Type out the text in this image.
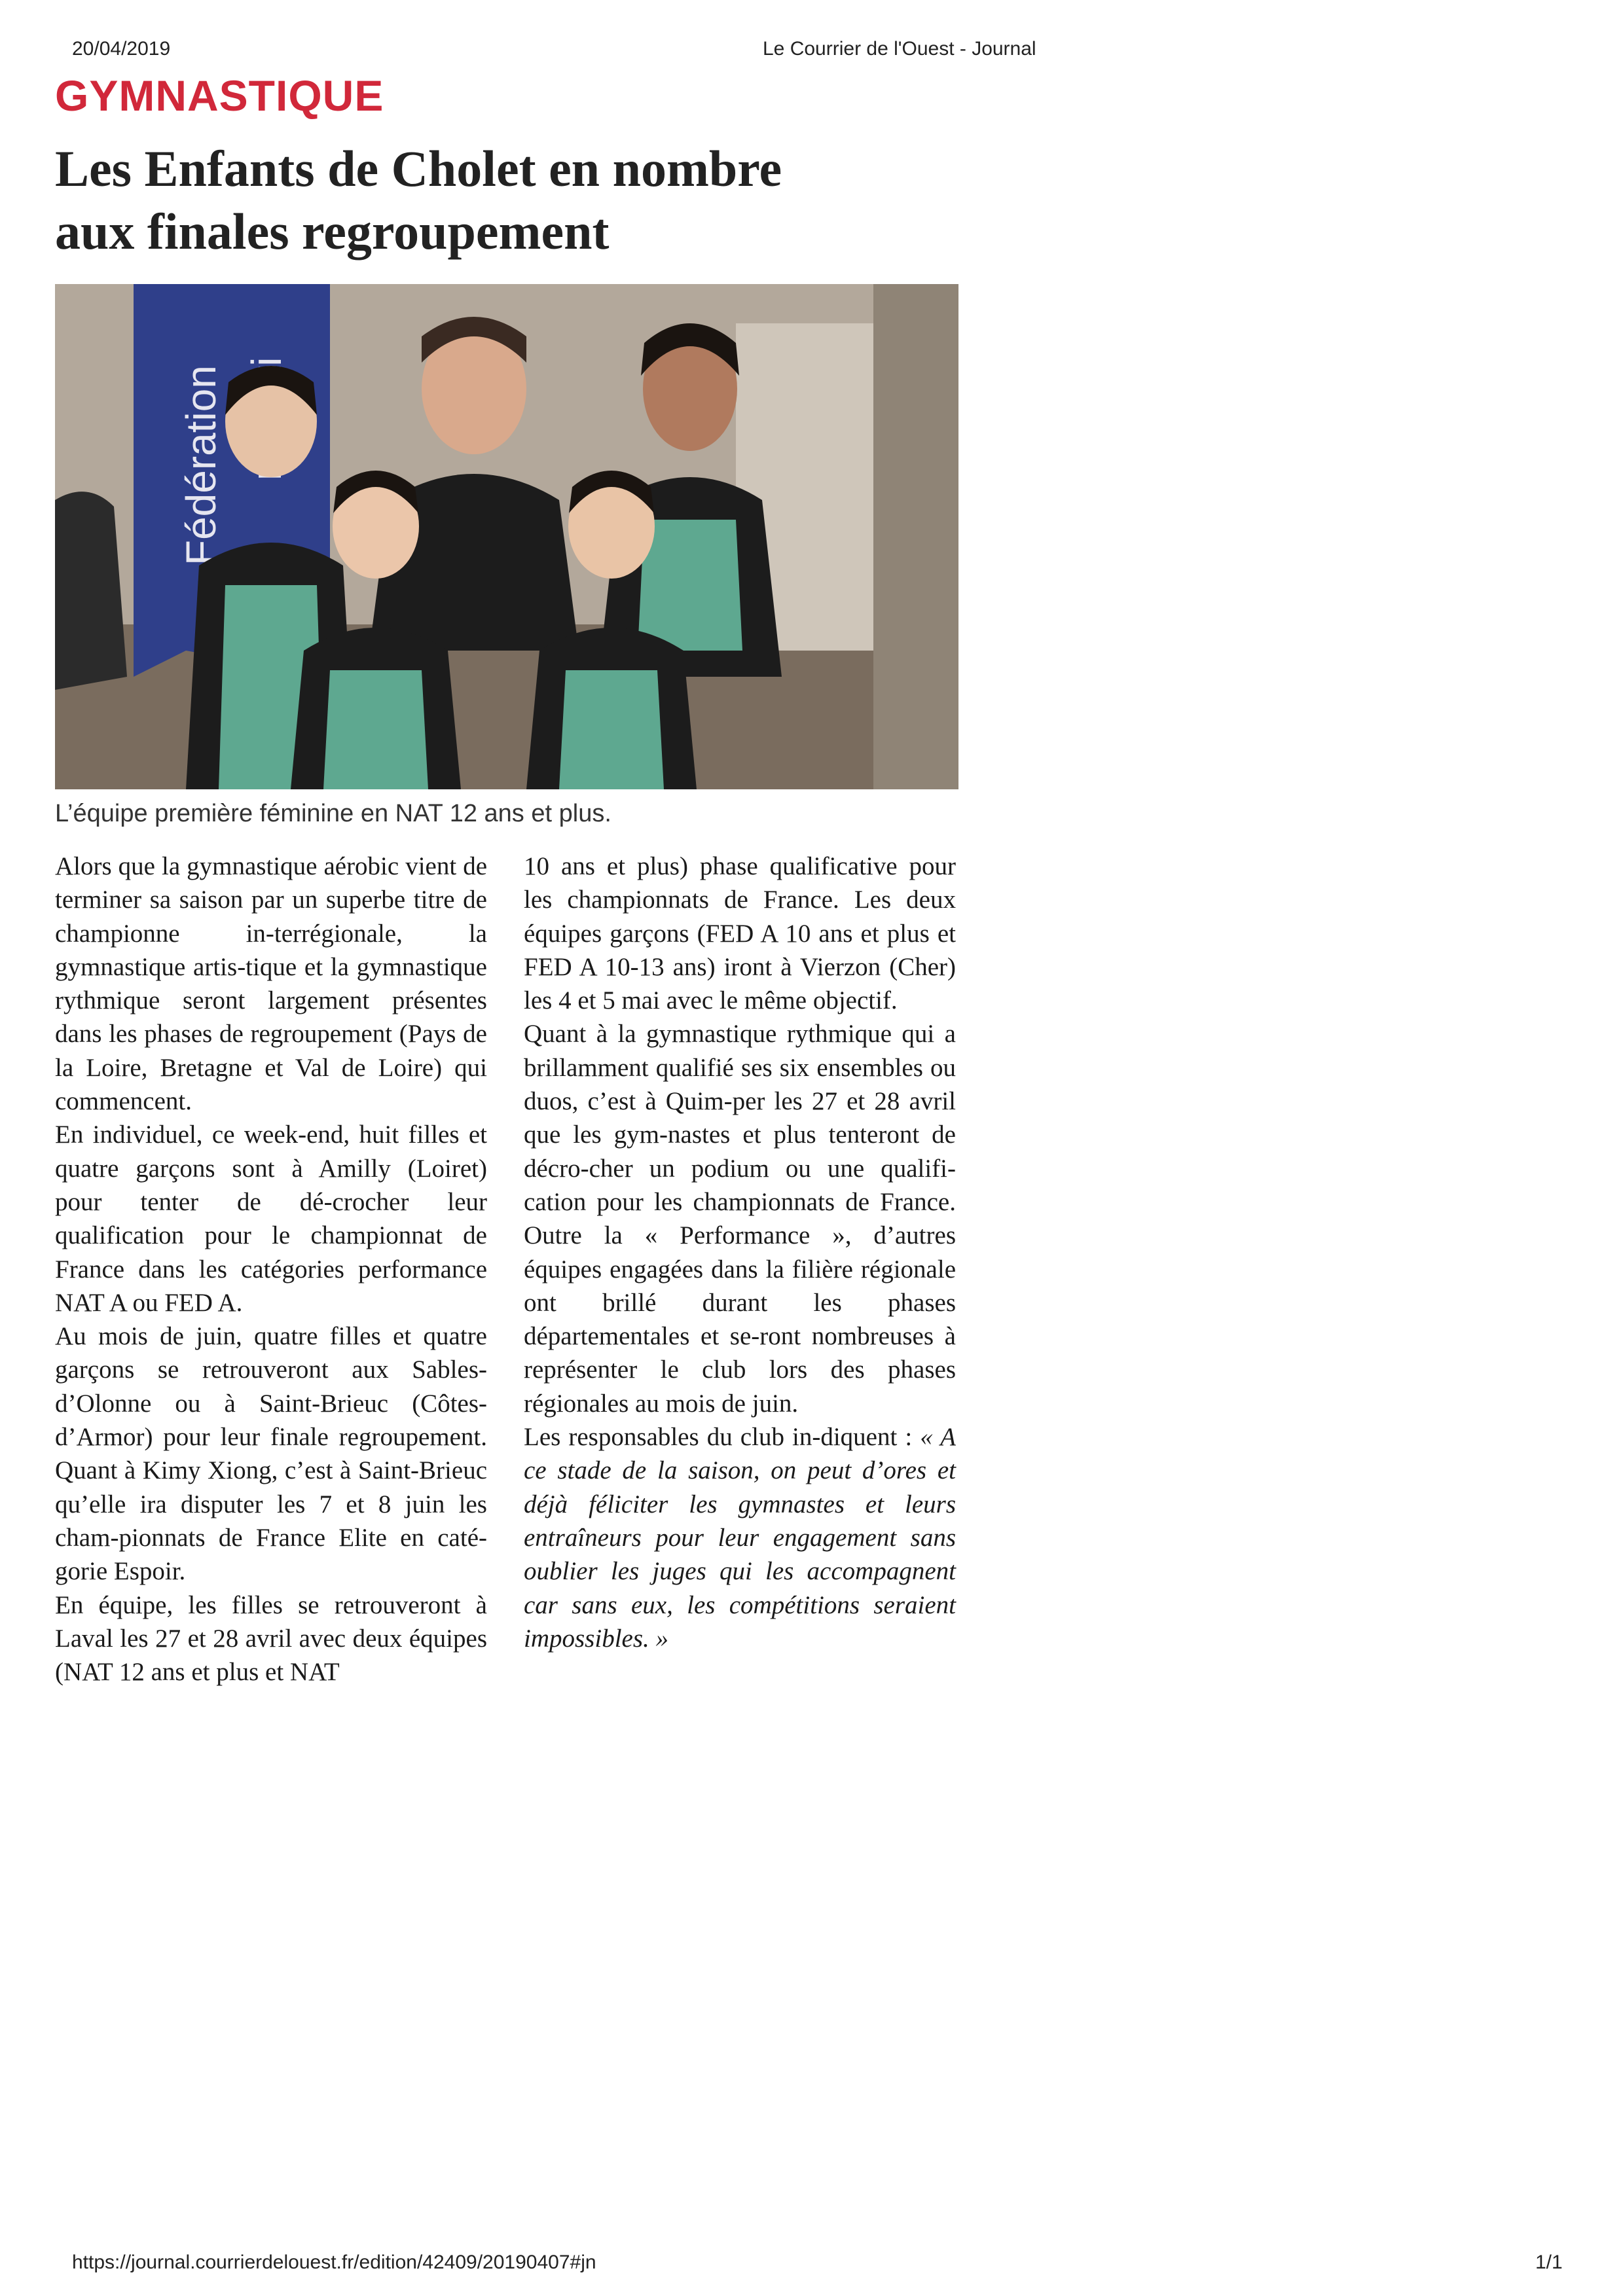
20/04/2019	Le Courrier de l'Ouest - Journal
GYMNASTIQUE
Les Enfants de Cholet en nombre
aux finales regroupement
Fédération
L’équipe première féminine en NAT 12 ans et plus.

Alors que la gymnastique aérobic vient de terminer sa saison par un superbe titre de championne in-terrégionale, la gymnastique artis-tique et la gymnastique rythmique seront largement présentes dans les phases de regroupement (Pays de la Loire, Bretagne et Val de Loire) qui commencent.

En individuel, ce week-end, huit filles et quatre garçons sont à Amilly (Loiret) pour tenter de dé-crocher leur qualification pour le championnat de France dans les catégories performance NAT A ou FED A.

Au mois de juin, quatre filles et quatre garçons se retrouveront aux Sables-d’Olonne ou à Saint-Brieuc (Côtes-d’Armor) pour leur finale regroupement. Quant à Kimy Xiong, c’est à Saint-Brieuc qu’elle ira disputer les 7 et 8 juin les cham-pionnats de France Elite en caté-gorie Espoir.

En équipe, les filles se retrouveront à Laval les 27 et 28 avril avec deux équipes (NAT 12 ans et plus et NAT

10 ans et plus) phase qualificative pour les championnats de France. Les deux équipes garçons (FED A 10 ans et plus et FED A 10-13 ans) iront à Vierzon (Cher) les 4 et 5 mai avec le même objectif.

Quant à la gymnastique rythmique qui a brillamment qualifié ses six ensembles ou duos, c’est à Quim-per les 27 et 28 avril que les gym-nastes et plus tenteront de décro-cher un podium ou une qualifi-cation pour les championnats de France. Outre la « Performance », d’autres équipes engagées dans la filière régionale ont brillé durant les phases départementales et se-ront nombreuses à représenter le club lors des phases régionales au mois de juin.

Les responsables du club in-diquent : « A ce stade de la saison, on peut d’ores et déjà féliciter les gymnastes et leurs entraîneurs pour leur engagement sans oublier les juges qui les accompagnent car sans eux, les compétitions seraient impossibles. »

https://journal.courrierdelouest.fr/edition/42409/20190407#jn	1/1
